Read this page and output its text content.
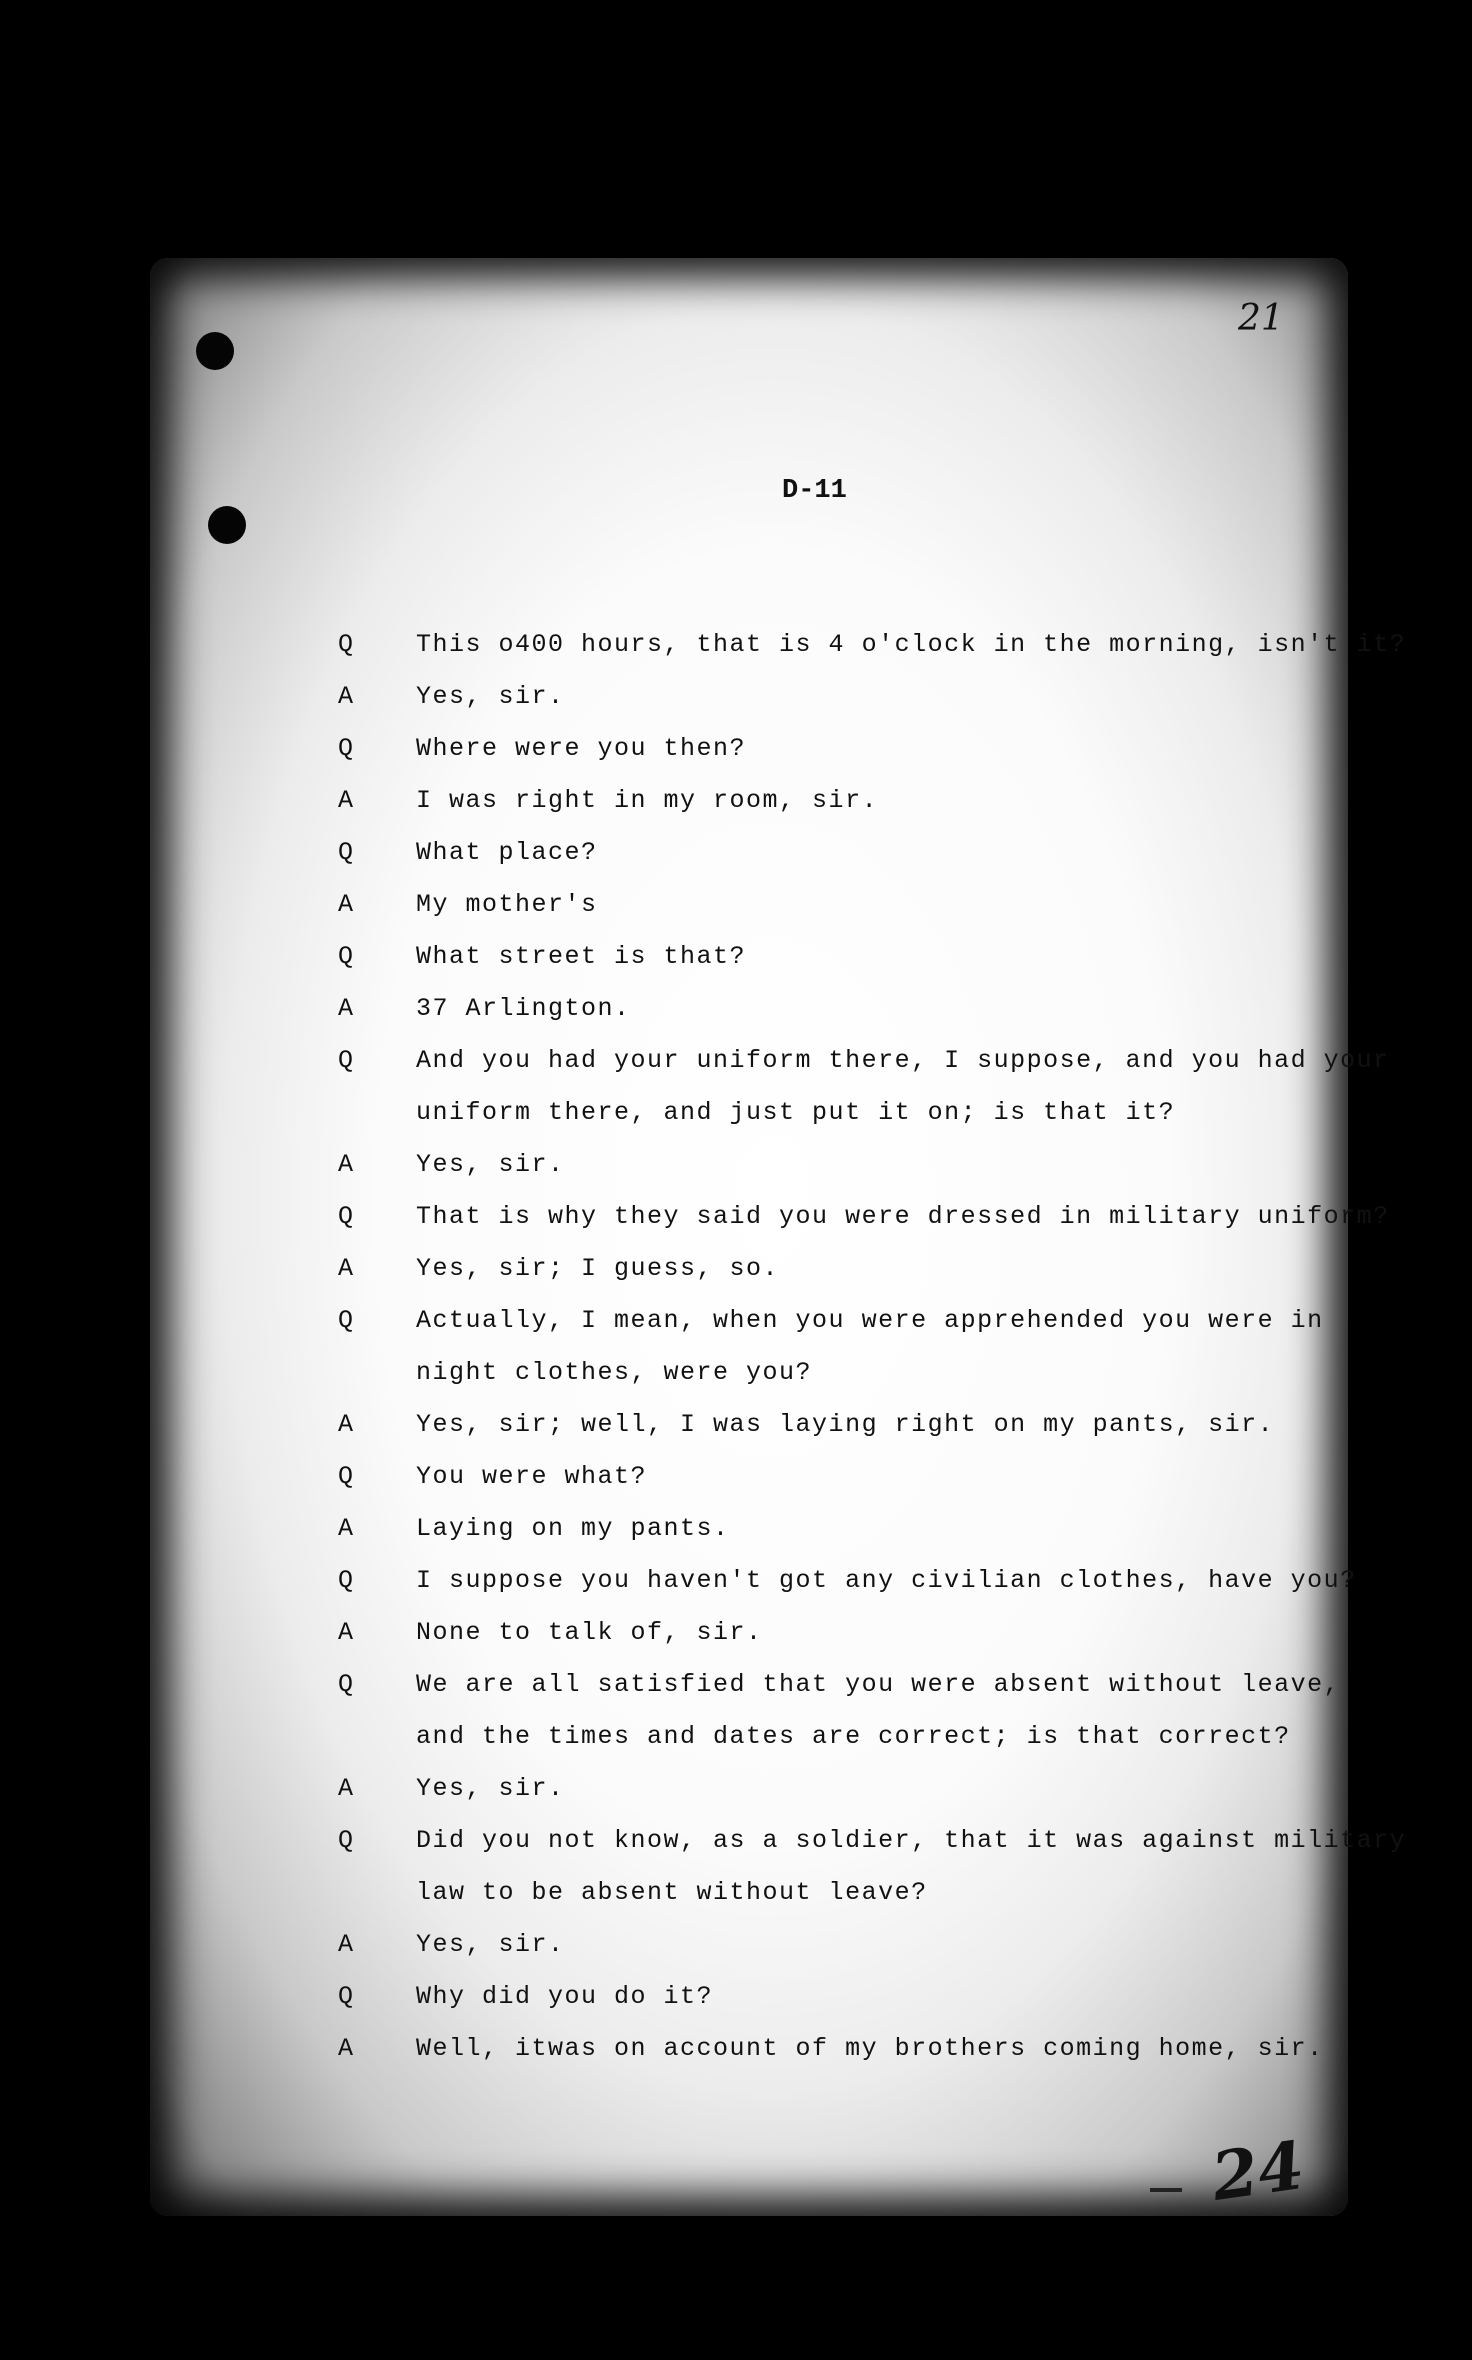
21
D-11
Q This o400 hours, that is 4 o'clock in the morning, isn't it?
A Yes, sir.
Q Where were you then?
A I was right in my room, sir.
Q What place?
A My mother's
Q What street is that?
A 37 Arlington.
Q And you had your uniform there, I suppose, and you had your
uniform there, and just put it on; is that it?
A Yes, sir.
Q That is why they said you were dressed in military uniform?
A Yes, sir; I guess, so.
Q Actually, I mean, when you were apprehended you were in
night clothes, were you?
A Yes, sir; well, I was laying right on my pants, sir.
Q You were what?
A Laying on my pants.
Q I suppose you haven't got any civilian clothes, have you?
A None to talk of, sir.
Q We are all satisfied that you were absent without leave,
and the times and dates are correct; is that correct?
A Yes, sir.
Q Did you not know, as a soldier, that it was against military
law to be absent without leave?
A Yes, sir.
Q Why did you do it?
A Well, itwas on account of my brothers coming home, sir.
24
